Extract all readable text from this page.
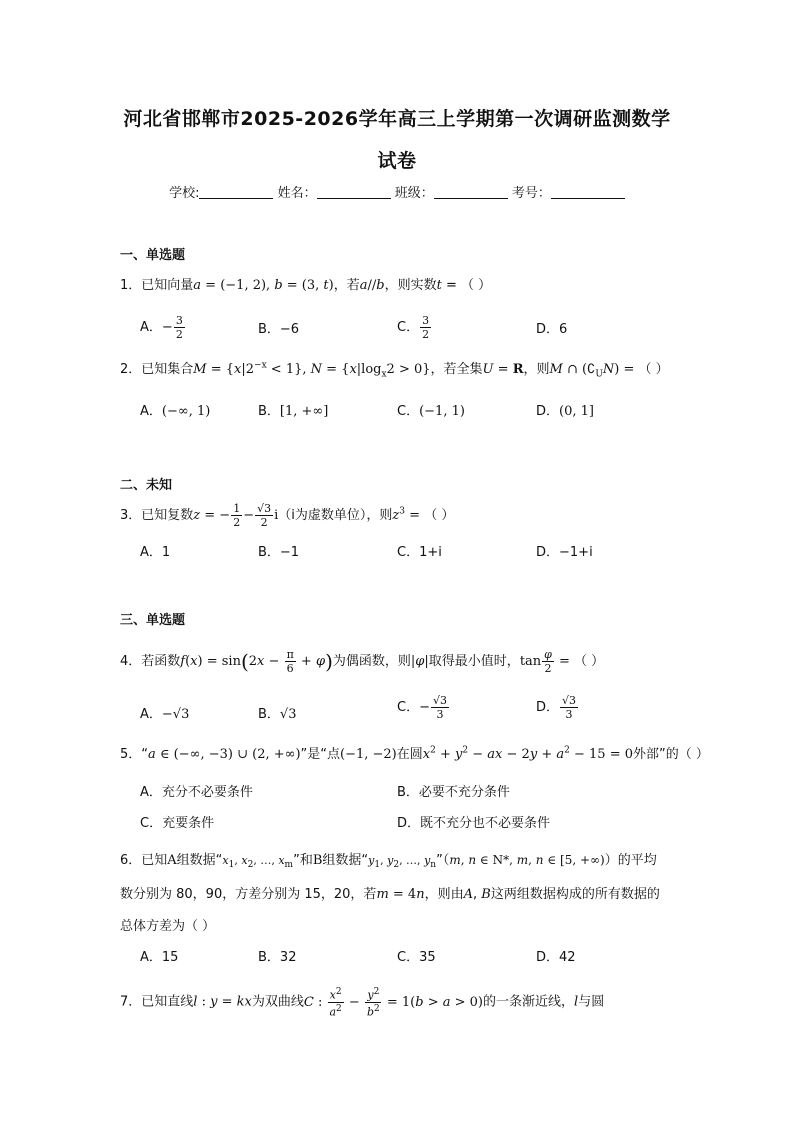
河北省邯郸市2025-2026学年高三上学期第一次调研监测数学
试卷
学校:	姓名：	班级：	考号：
一、单选题
1．已知向量a = (−1, 2), b = (3, t)，若a//b，则实数t = （ ）
A．− $\frac{3}{2}$	B．−6	C． $\frac{3}{2}$	D．6
2．已知集合$M = \{x|2^{-x} < 1\}$, $N = \{x|\log_x2 > 0\}$，若全集U = R，则M ∩ $(∁_UN)$ = （ ）
A．(−∞, 1)	B．[1, +∞]	C．(−1, 1)	D．(0, 1]
二、未知
3．已知复数z = − $\frac{1}{2} - \frac{√3}{2} i(i$为虚数单位），则$z^3$ = （ ）
A．1	B．−1	C．1+i	D．−1+i
三、单选题
4．若函数$f(x) = \sin(2x - \frac{\pi}{6} + \varphi)$为偶函数，则|φ|取得最小值时，$\tan \frac{\varphi}{2}$ = （ ）
A．−√3	B．√3	C．− $\frac{√3}{3}$	D． $\frac{√3}{3}$
5．“a ∈ (−∞, −3) ∪ (2, +∞)”是“点(−1, −2)在圆$x^2 + y^2$ − ax − $2y + a^2 - 15 = 0$外部”的（ ）
A．充分不必要条件	B．必要不充分条件
C．充要条件	D．既不充分也不必要条件
6．已知A组数据“$x_1$, $x_2$, …, $x_m$”和B组数据“$y_1$, $y_2$, …, $y_n”(m$, n ∈ N*, m, n ∈ [5, +∞)）的平均
数分别为 80，90，方差分别为 15，20，若m = 4n，则由A, B这两组数据构成的所有数据的
总体方差为（ ）
A．15	B．32	C．35	D．42
7．已知直线l : y = kx为双曲线C : $\frac{x^2}{a^2} - \frac{y^2}{b^2} = 1(b > a > 0)$的一条渐近线，l与圆
